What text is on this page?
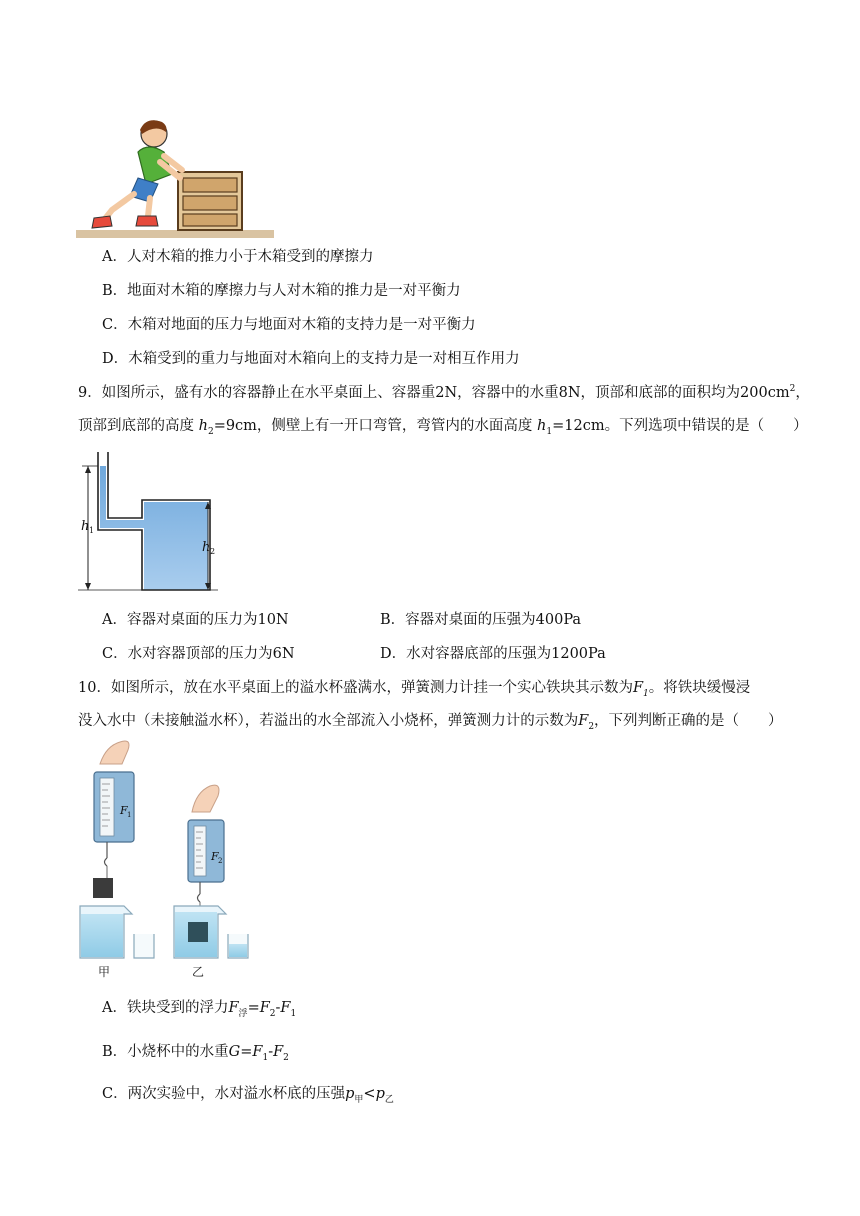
A．人对木箱的推力小于木箱受到的摩擦力
B．地面对木箱的摩擦力与人对木箱的推力是一对平衡力
C．木箱对地面的压力与地面对木箱的支持力是一对平衡力
D．木箱受到的重力与地面对木箱向上的支持力是一对相互作用力
9．如图所示，盛有水的容器静止在水平桌面上、容器重2N，容器中的水重8N，顶部和底部的面积均为$200cm^2$，
顶部到底部的高度 $h_2=9cm$，侧壁上有一开口弯管，弯管内的水面高度 $h_1=12cm$。下列选项中错误的是（　　）
h 1
h 2
A．容器对桌面的压力为10N	B．容器对桌面的压强为400Pa
C．水对容器顶部的压力为6N	D．水对容器底部的压强为1200Pa
10．如图所示，放在水平桌面上的溢水杯盛满水，弹簧测力计挂一个实心铁块其示数为$F_1$。将铁块缓慢浸
没入水中（未接触溢水杯），若溢出的水全部流入小烧杯，弹簧测力计的示数为$F_2$，下列判断正确的是（　　）
F 1
F 2
甲	乙
A．铁块受到的浮力$F_浮=F_2-F_1$
B．小烧杯中的水重$G=F_1-F_2$
C．两次实验中，水对溢水杯底的压强$p_甲<p_乙$
